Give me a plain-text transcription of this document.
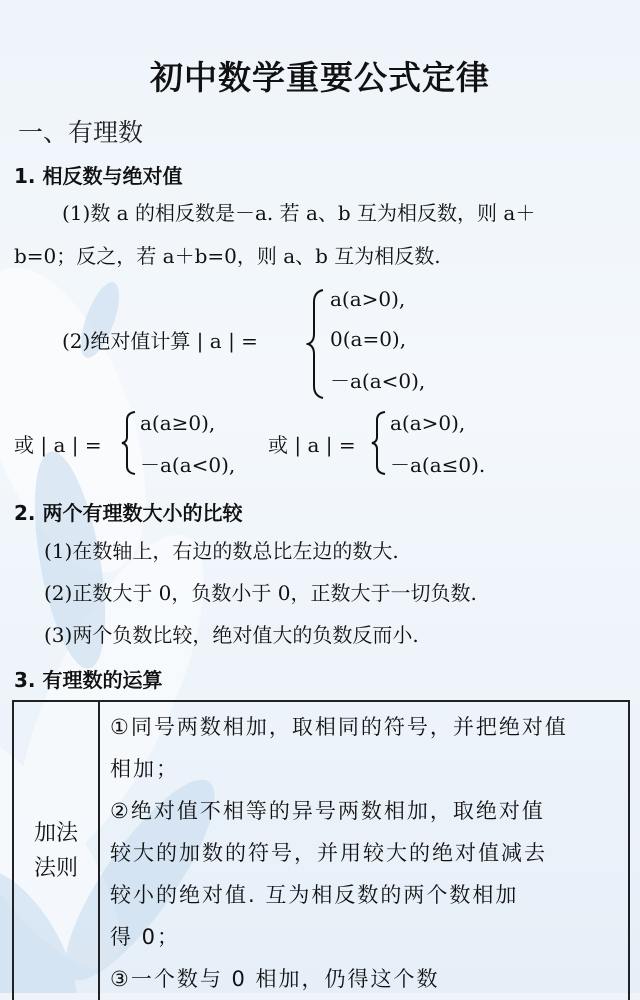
初中数学重要公式定律
一、有理数
1. 相反数与绝对值
(1)数 a 的相反数是－a. 若 a、b 互为相反数，则 a＋
b=0；反之，若 a＋b=0，则 a、b 互为相反数.
(2)绝对值计算 | a | =
a(a>0),
0(a=0),
－a(a<0),
或 | a | =
a(a≥0),
－a(a<0),
或 | a | =
a(a>0),
－a(a≤0).
2. 两个有理数大小的比较
(1)在数轴上，右边的数总比左边的数大.
(2)正数大于 0，负数小于 0，正数大于一切负数.
(3)两个负数比较，绝对值大的负数反而小.
3. 有理数的运算
加法
法则

①同号两数相加，取相同的符号，并把绝对值
相加；
②绝对值不相等的异号两数相加，取绝对值
较大的加数的符号，并用较大的绝对值减去
较小的绝对值. 互为相反数的两个数相加
得 0；
③一个数与 0 相加，仍得这个数
